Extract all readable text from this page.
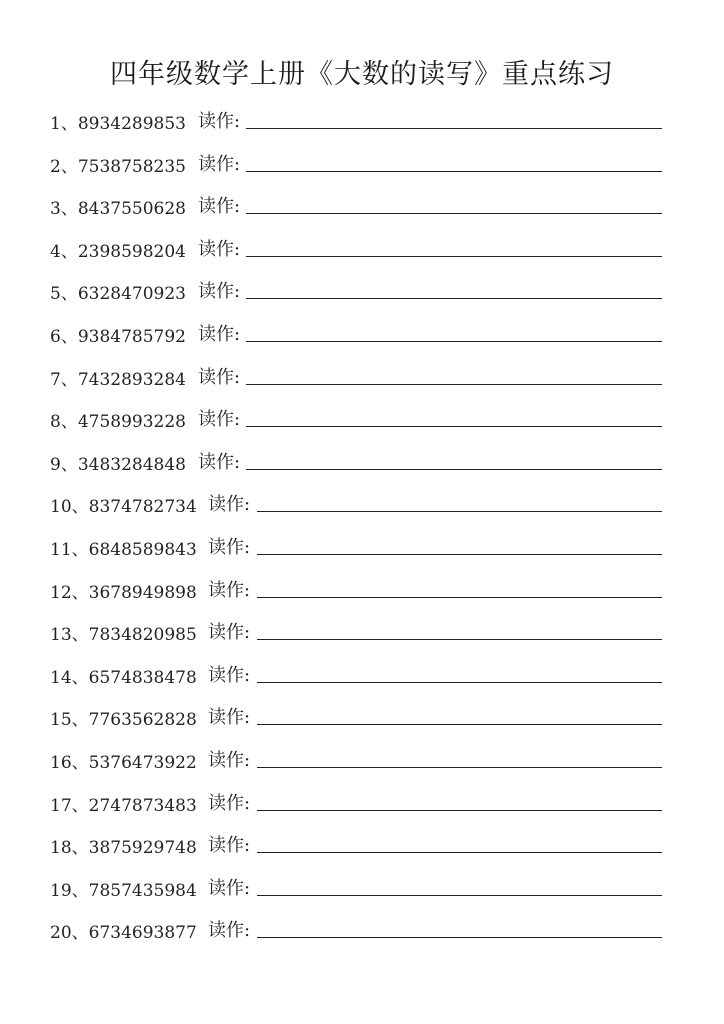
四年级数学上册《大数的读写》重点练习
1、8934289853 读作:
2、7538758235 读作:
3、8437550628 读作:
4、2398598204 读作:
5、6328470923 读作:
6、9384785792 读作:
7、7432893284 读作:
8、4758993228 读作:
9、3483284848 读作:
10、8374782734 读作:
11、6848589843 读作:
12、3678949898 读作:
13、7834820985 读作:
14、6574838478 读作:
15、7763562828 读作:
16、5376473922 读作:
17、2747873483 读作:
18、3875929748 读作:
19、7857435984 读作:
20、6734693877 读作:
